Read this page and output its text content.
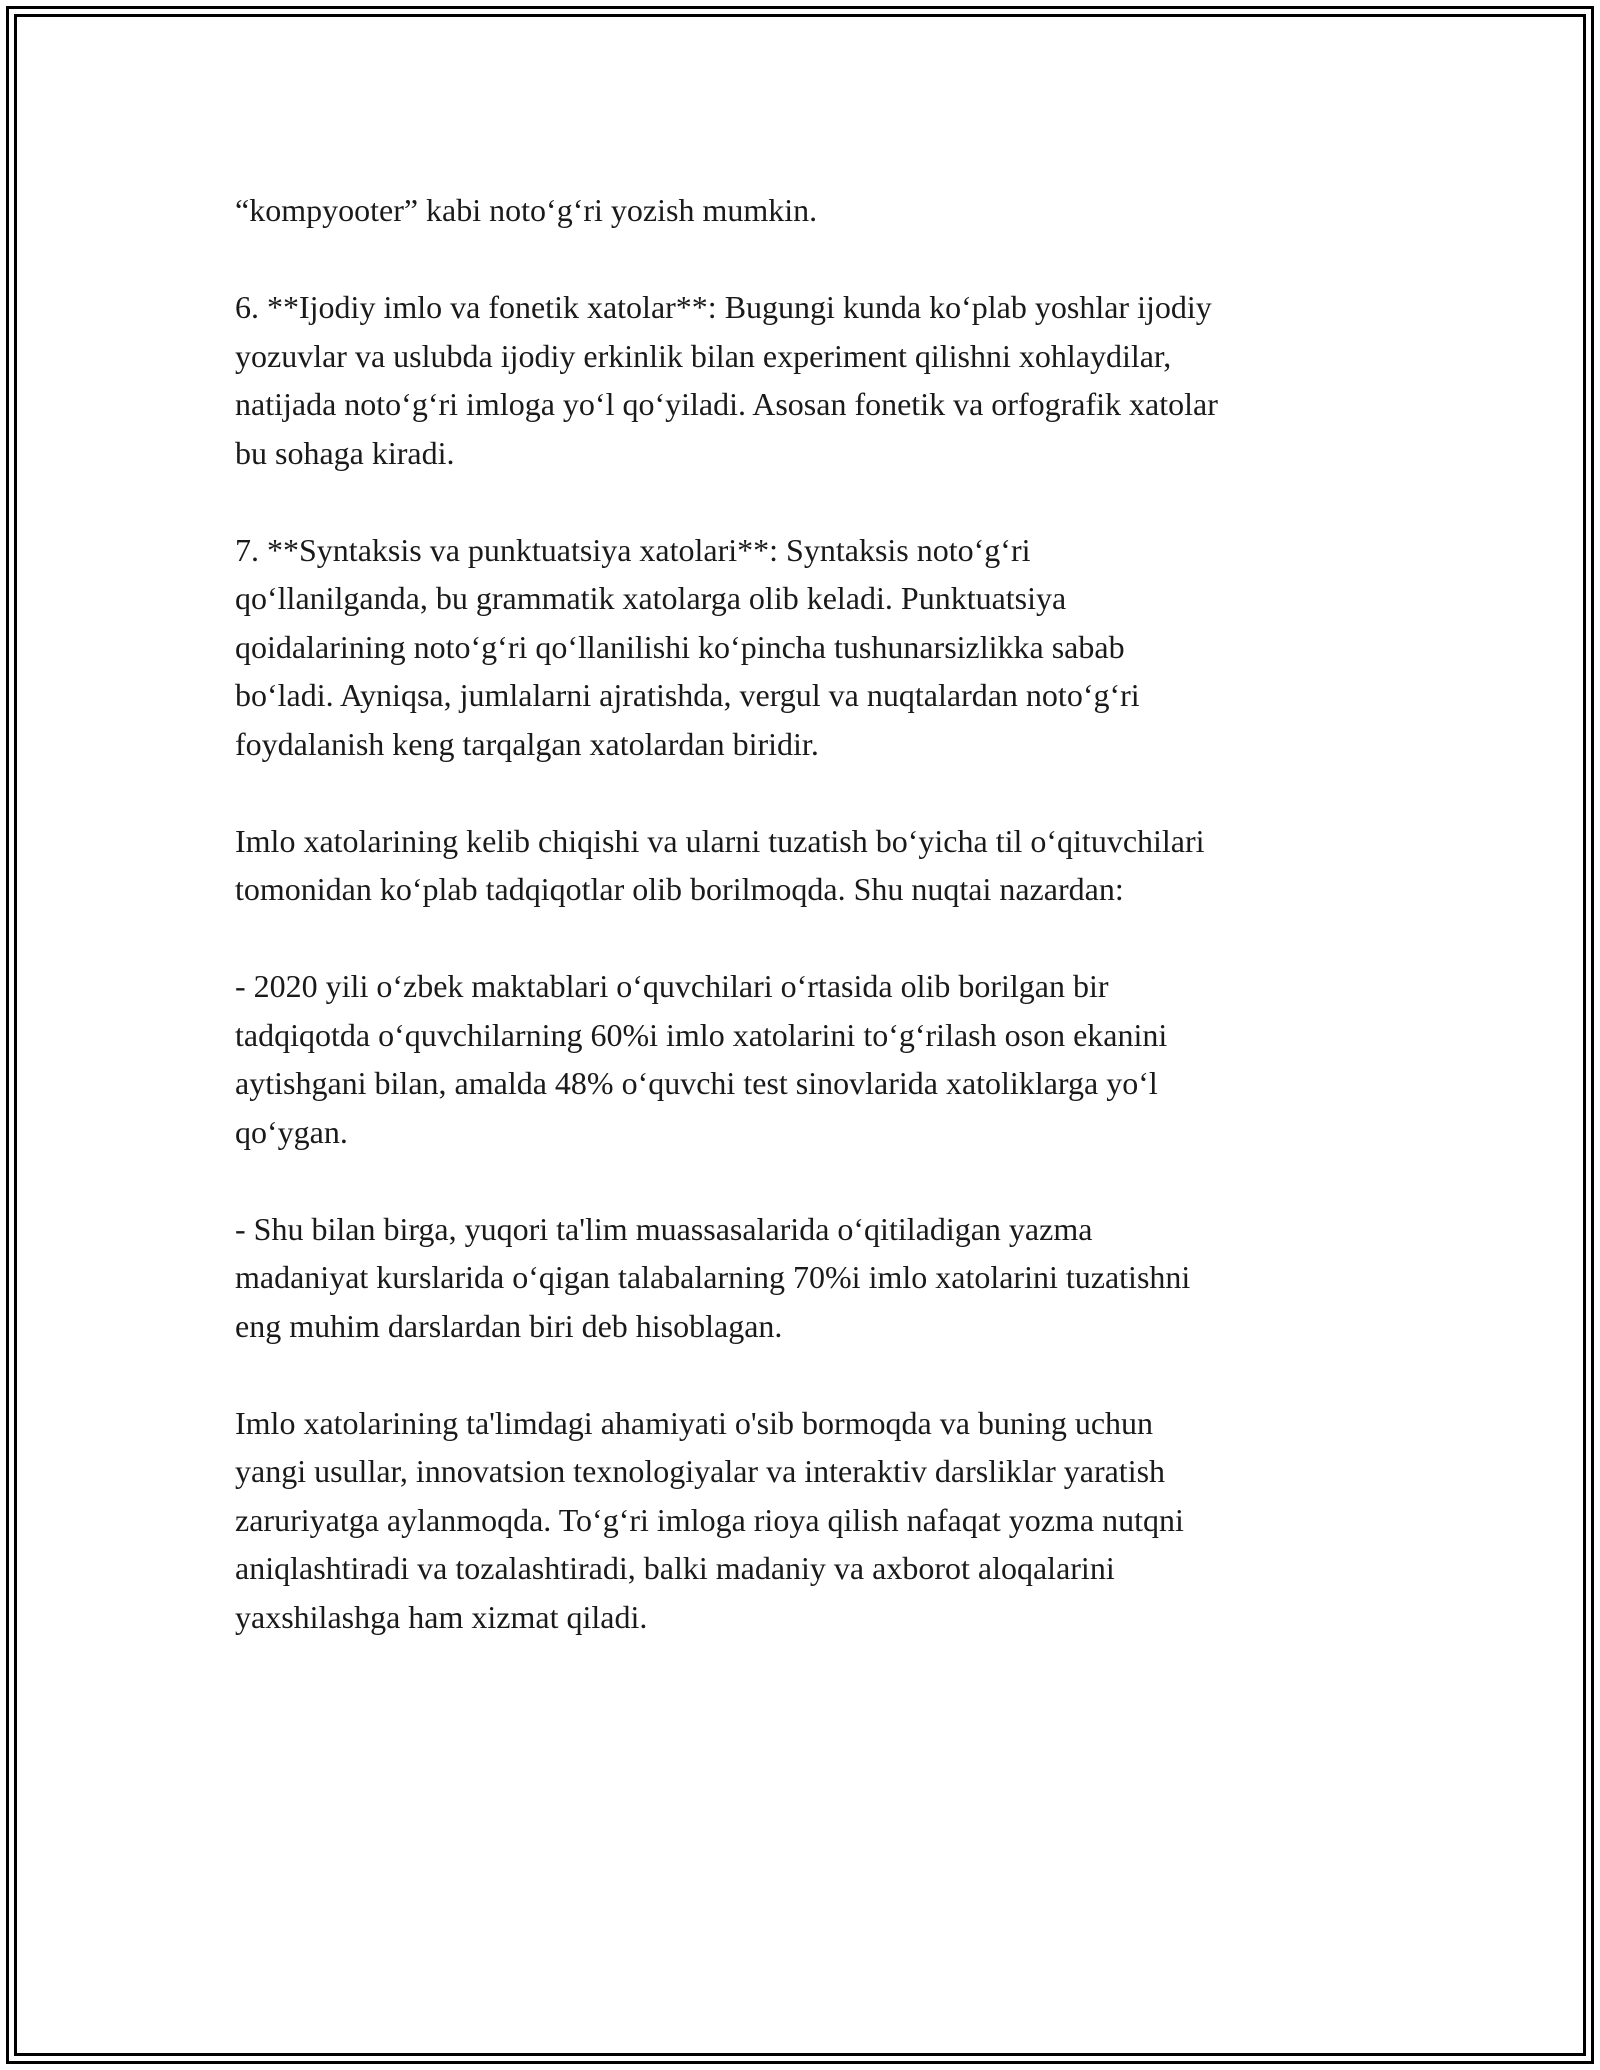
“kompyooter” kabi noto‘g‘ri yozish mumkin.
6. **Ijodiy imlo va fonetik xatolar**: Bugungi kunda ko‘plab yoshlar ijodiy
yozuvlar va uslubda ijodiy erkinlik bilan experiment qilishni xohlaydilar,
natijada noto‘g‘ri imloga yo‘l qo‘yiladi. Asosan fonetik va orfografik xatolar
bu sohaga kiradi.
7. **Syntaksis va punktuatsiya xatolari**: Syntaksis noto‘g‘ri
qo‘llanilganda, bu grammatik xatolarga olib keladi. Punktuatsiya
qoidalarining noto‘g‘ri qo‘llanilishi ko‘pincha tushunarsizlikka sabab
bo‘ladi. Ayniqsa, jumlalarni ajratishda, vergul va nuqtalardan noto‘g‘ri
foydalanish keng tarqalgan xatolardan biridir.
Imlo xatolarining kelib chiqishi va ularni tuzatish bo‘yicha til o‘qituvchilari
tomonidan ko‘plab tadqiqotlar olib borilmoqda. Shu nuqtai nazardan:
- 2020 yili o‘zbek maktablari o‘quvchilari o‘rtasida olib borilgan bir
tadqiqotda o‘quvchilarning 60%i imlo xatolarini to‘g‘rilash oson ekanini
aytishgani bilan, amalda 48% o‘quvchi test sinovlarida xatoliklarga yo‘l
qo‘ygan.
- Shu bilan birga, yuqori ta'lim muassasalarida o‘qitiladigan yazma
madaniyat kurslarida o‘qigan talabalarning 70%i imlo xatolarini tuzatishni
eng muhim darslardan biri deb hisoblagan.
Imlo xatolarining ta'limdagi ahamiyati o'sib bormoqda va buning uchun
yangi usullar, innovatsion texnologiyalar va interaktiv darsliklar yaratish
zaruriyatga aylanmoqda. To‘g‘ri imloga rioya qilish nafaqat yozma nutqni
aniqlashtiradi va tozalashtiradi, balki madaniy va axborot aloqalarini
yaxshilashga ham xizmat qiladi.
